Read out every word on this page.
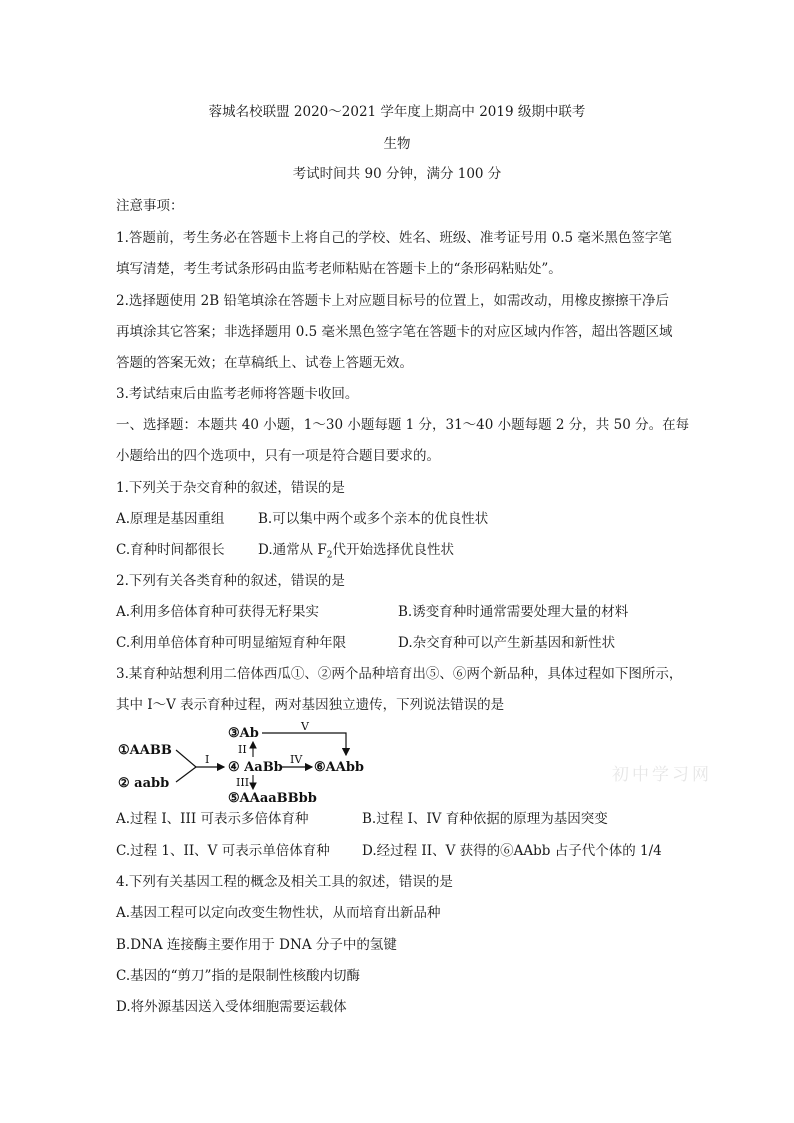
蓉城名校联盟 2020～2021 学年度上期高中 2019 级期中联考
生物
考试时间共 90 分钟，满分 100 分
注意事项：
1.答题前，考生务必在答题卡上将自己的学校、姓名、班级、准考证号用 0.5 毫米黑色签字笔
填写清楚，考生考试条形码由监考老师粘贴在答题卡上的“条形码粘贴处”。
2.选择题使用 2B 铅笔填涂在答题卡上对应题目标号的位置上，如需改动，用橡皮擦擦干净后
再填涂其它答案；非选择题用 0.5 毫米黑色签字笔在答题卡的对应区域内作答，超出答题区域
答题的答案无效；在草稿纸上、试卷上答题无效。
3.考试结束后由监考老师将答题卡收回。
一、选择题：本题共 40 小题，1～30 小题每题 1 分，31～40 小题每题 2 分，共 50 分。在每
小题给出的四个选项中，只有一项是符合题目要求的。
1.下列关于杂交育种的叙述，错误的是
A.原理是基因重组 B.可以集中两个或多个亲本的优良性状
C.育种时间都很长 D.通常从 $F_2$代开始选择优良性状
2.下列有关各类育种的叙述，错误的是
A.利用多倍体育种可获得无籽果实	B.诱变育种时通常需要处理大量的材料
C.利用单倍体育种可明显缩短育种年限	D.杂交育种可以产生新基因和新性状
3.某育种站想利用二倍体西瓜①、②两个品种培育出⑤、⑥两个新品种，具体过程如下图所示，
其中 I～V 表示育种过程，两对基因独立遗传，下列说法错误的是
①AABB
② aabb
I
③Ab
④ AaBb
⑤AAaaBBbb
II
III
IV
⑥AAbb
V
初中学习网
A.过程 I、III 可表示多倍体育种	B.过程 I、IV 育种依据的原理为基因突变
C.过程 1、II、V 可表示单倍体育种 D.经过程 II、V 获得的⑥AAbb 占子代个体的 1/4
4.下列有关基因工程的概念及相关工具的叙述，错误的是
A.基因工程可以定向改变生物性状，从而培育出新品种
B.DNA 连接酶主要作用于 DNA 分子中的氢键
C.基因的“剪刀”指的是限制性核酸内切酶
D.将外源基因送入受体细胞需要运载体
